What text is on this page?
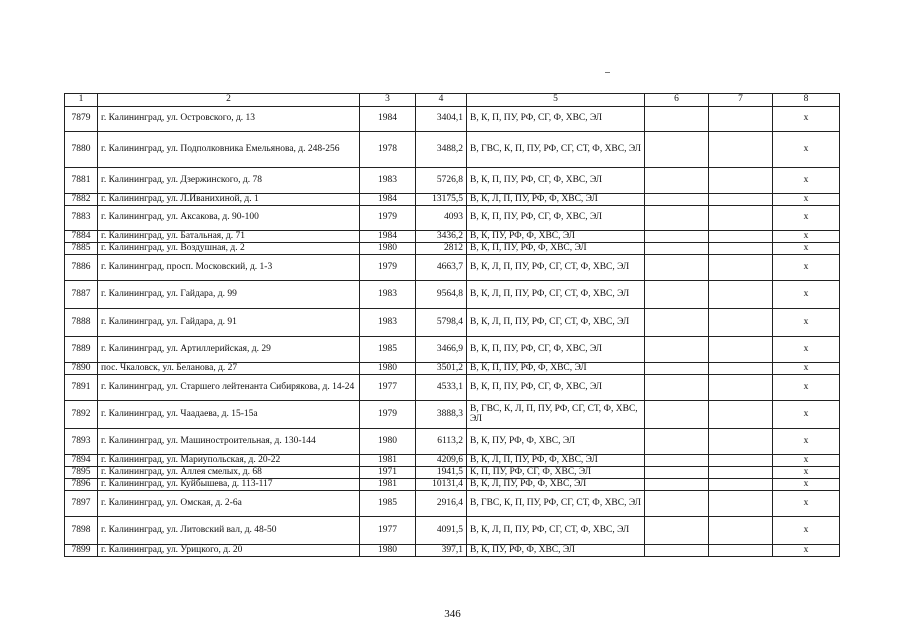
1	2	3	4	5	6	7	8
7879	г. Калининград, ул. Островского, д. 13	1984	3404,1	В, К, П, ПУ, РФ, СГ, Ф, ХВС, ЭЛ			х
7880	г. Калининград, ул. Подполковника Емельянова, д. 248-256	1978	3488,2	В, ГВС, К, П, ПУ, РФ, СГ, СТ, Ф, ХВС, ЭЛ			х
7881	г. Калининград, ул. Дзержинского, д. 78	1983	5726,8	В, К, П, ПУ, РФ, СГ, Ф, ХВС, ЭЛ			х
7882	г. Калининград, ул. Л.Иванихиной, д. 1	1984	13175,5	В, К, Л, П, ПУ, РФ, Ф, ХВС, ЭЛ			х
7883	г. Калининград, ул. Аксакова, д. 90-100	1979	4093	В, К, П, ПУ, РФ, СГ, Ф, ХВС, ЭЛ			х
7884	г. Калининград, ул. Батальная, д. 71	1984	3436,2	В, К, ПУ, РФ, Ф, ХВС, ЭЛ			х
7885	г. Калининград, ул. Воздушная, д. 2	1980	2812	В, К, П, ПУ, РФ, Ф, ХВС, ЭЛ			х
7886	г. Калининград, просп. Московский, д. 1-3	1979	4663,7	В, К, Л, П, ПУ, РФ, СГ, СТ, Ф, ХВС, ЭЛ			х
7887	г. Калининград, ул. Гайдара, д. 99	1983	9564,8	В, К, Л, П, ПУ, РФ, СГ, СТ, Ф, ХВС, ЭЛ			х
7888	г. Калининград, ул. Гайдара, д. 91	1983	5798,4	В, К, Л, П, ПУ, РФ, СГ, СТ, Ф, ХВС, ЭЛ			х
7889	г. Калининград, ул. Артиллерийская, д. 29	1985	3466,9	В, К, П, ПУ, РФ, СГ, Ф, ХВС, ЭЛ			х
7890	пос. Чкаловск, ул. Беланова, д. 27	1980	3501,2	В, К, П, ПУ, РФ, Ф, ХВС, ЭЛ			х
7891	г. Калининград, ул. Старшего лейтенанта Сибирякова, д. 14-24	1977	4533,1	В, К, П, ПУ, РФ, СГ, Ф, ХВС, ЭЛ			х
7892	г. Калининград, ул. Чаадаева, д. 15-15а	1979	3888,3	В, ГВС, К, Л, П, ПУ, РФ, СГ, СТ, Ф, ХВС, ЭЛ			х
7893	г. Калининград, ул. Машиностроительная, д. 130-144	1980	6113,2	В, К, ПУ, РФ, Ф, ХВС, ЭЛ			х
7894	г. Калининград, ул. Мариупольская, д. 20-22	1981	4209,6	В, К, Л, П, ПУ, РФ, Ф, ХВС, ЭЛ			х
7895	г. Калининград, ул. Аллея смелых, д. 68	1971	1941,5	К, П, ПУ, РФ, СГ, Ф, ХВС, ЭЛ			х
7896	г. Калининград, ул. Куйбышева, д. 113-117	1981	10131,4	В, К, Л, ПУ, РФ, Ф, ХВС, ЭЛ			х
7897	г. Калининград, ул. Омская, д. 2-6а	1985	2916,4	В, ГВС, К, П, ПУ, РФ, СГ, СТ, Ф, ХВС, ЭЛ			х
7898	г. Калининград, ул. Литовский вал, д. 48-50	1977	4091,5	В, К, Л, П, ПУ, РФ, СГ, СТ, Ф, ХВС, ЭЛ			х
7899	г. Калининград, ул. Урицкого, д. 20	1980	397,1	В, К, ПУ, РФ, Ф, ХВС, ЭЛ			х
346
